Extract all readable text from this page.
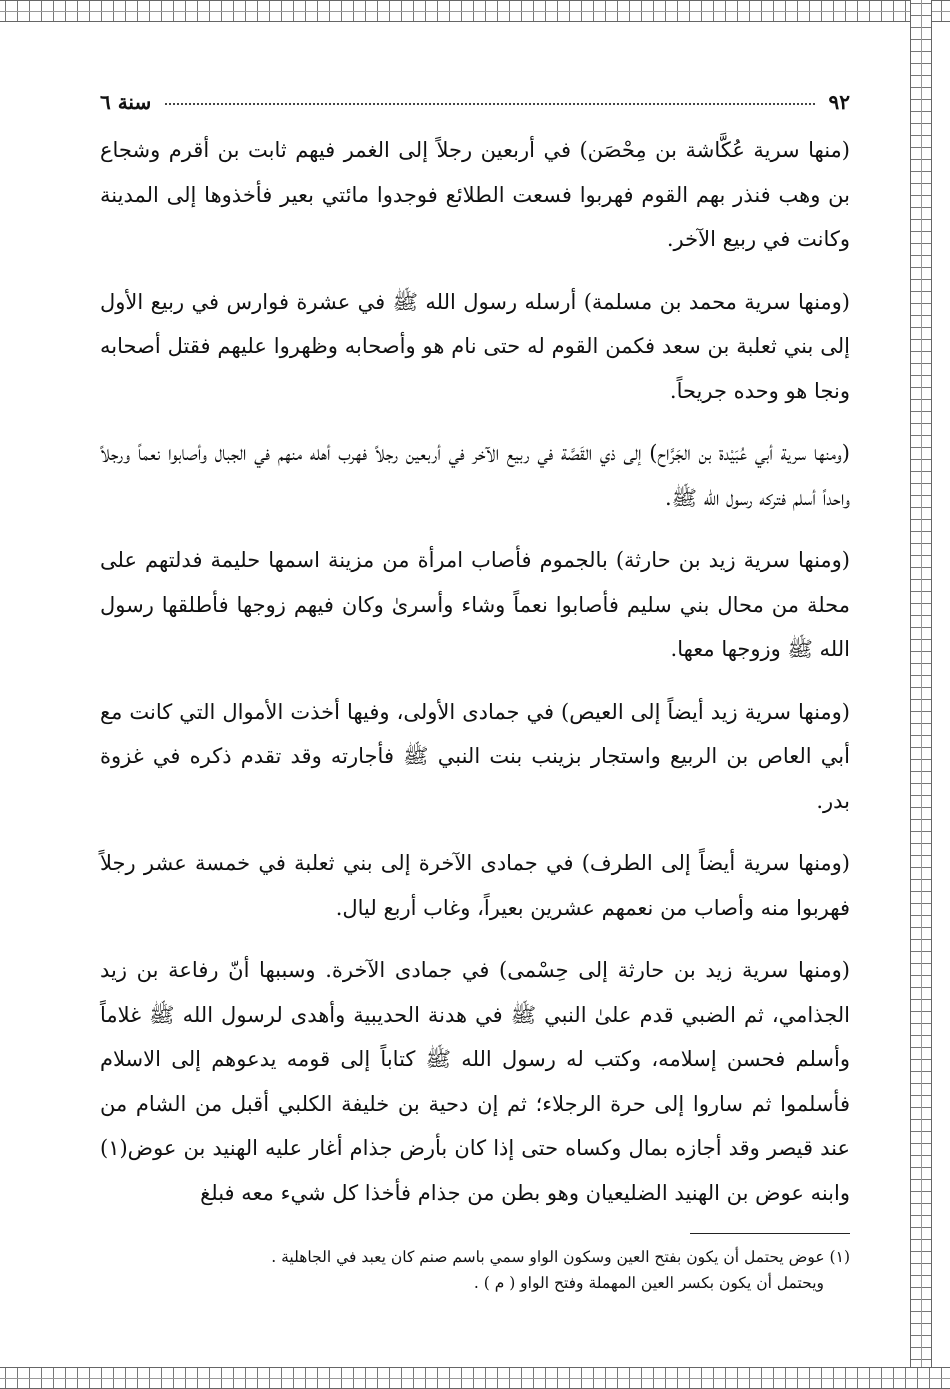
٩٢
سنة ٦

(منها سرية عُكَّاشة بن مِحْصَن) في أربعين رجلاً إلى الغمر فيهم ثابت بن أقرم وشجاع بن وهب فنذر بهم القوم فهربوا فسعت الطلائع فوجدوا مائتي بعير فأخذوها إلى المدينة وكانت في ربيع الآخر.

(ومنها سرية محمد بن مسلمة) أرسله رسول الله ﷺ في عشرة فوارس في ربيع الأول إلى بني ثعلبة بن سعد فكمن القوم له حتى نام هو وأصحابه وظهروا عليهم فقتل أصحابه ونجا هو وحده جريحاً.

(ومنها سرية أبي عُبَيْدة بن الجَرَّاح) إلى ذي القَصَّة في ربيع الآخر في أربعين رجلاً فهرب أهله منهم في الجبال وأصابوا نعماً ورجلاً واحداً أسلم فتركه رسول الله ﷺ.

(ومنها سرية زيد بن حارثة) بالجموم فأصاب امرأة من مزينة اسمها حليمة فدلتهم على محلة من محال بني سليم فأصابوا نعماً وشاء وأسرىٰ وكان فيهم زوجها فأطلقها رسول الله ﷺ وزوجها معها.

(ومنها سرية زيد أيضاً إلى العيص) في جمادى الأولى، وفيها أخذت الأموال التي كانت مع أبي العاص بن الربيع واستجار بزينب بنت النبي ﷺ فأجارته وقد تقدم ذكره في غزوة بدر.

(ومنها سرية أيضاً إلى الطرف) في جمادى الآخرة إلى بني ثعلبة في خمسة عشر رجلاً فهربوا منه وأصاب من نعمهم عشرين بعيراً، وغاب أربع ليال.

(ومنها سرية زيد بن حارثة إلى حِسْمى) في جمادى الآخرة. وسببها أنّ رفاعة بن زيد الجذامي، ثم الضبي قدم علىٰ النبي ﷺ في هدنة الحديبية وأهدى لرسول الله ﷺ غلاماً وأسلم فحسن إسلامه، وكتب له رسول الله ﷺ كتاباً إلى قومه يدعوهم إلى الاسلام فأسلموا ثم ساروا إلى حرة الرجلاء؛ ثم إن دحية بن خليفة الكلبي أقبل من الشام من عند قيصر وقد أجازه بمال وكساه حتى إذا كان بأرض جذام أغار عليه الهنيد بن عوض(١) وابنه عوض بن الهنيد الضليعيان وهو بطن من جذام فأخذا كل شيء معه فبلغ

(١) عوض يحتمل أن يكون بفتح العين وسكون الواو سمي باسم صنم كان يعبد في الجاهلية .

ويحتمل أن يكون بكسر العين المهملة وفتح الواو ( م ) .
